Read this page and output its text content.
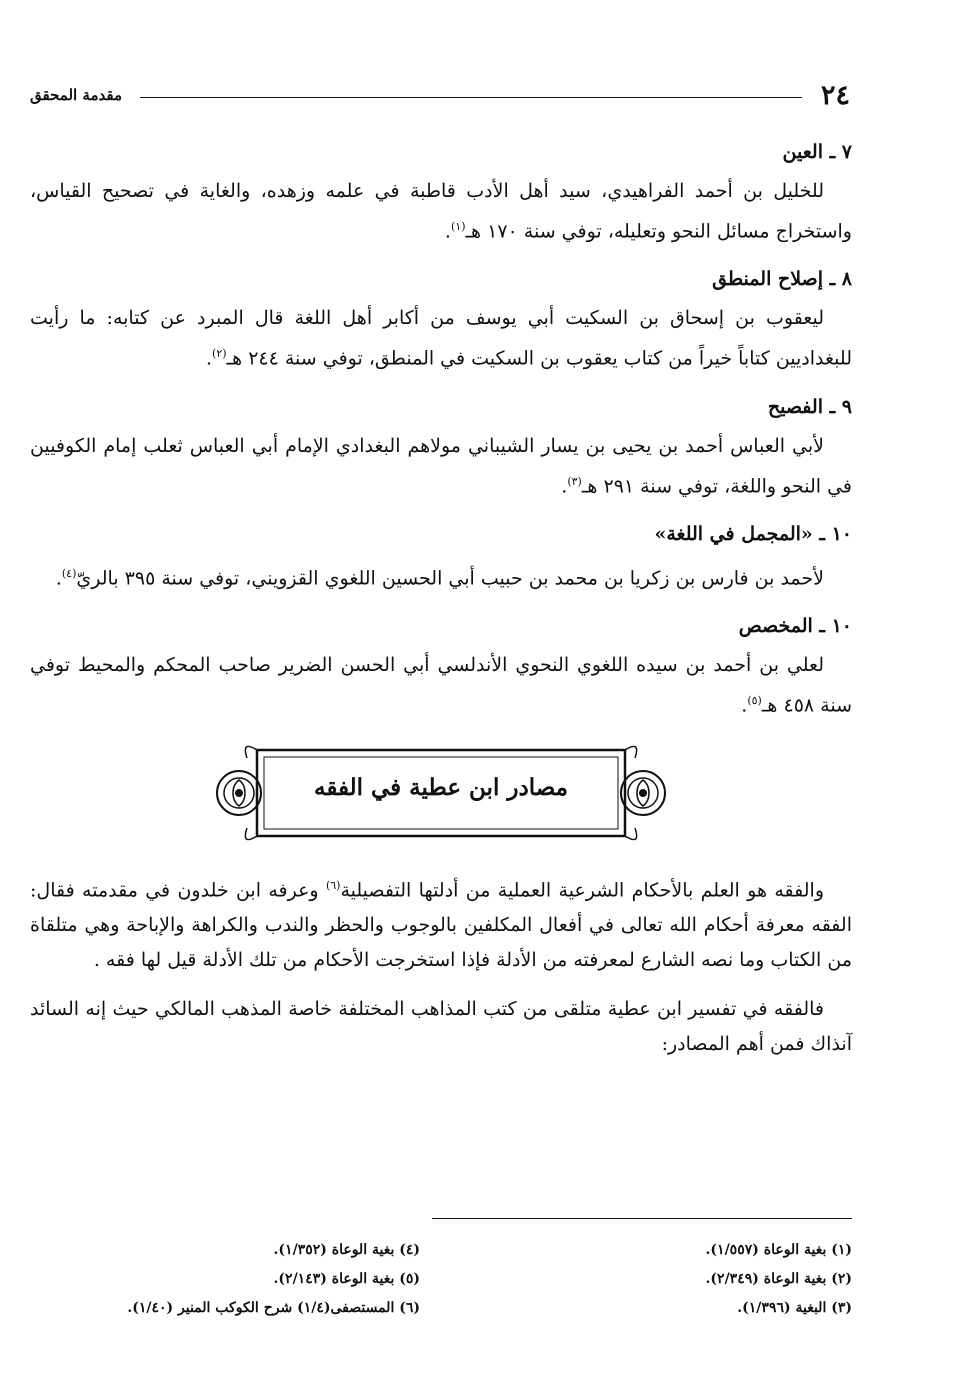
مقدمة المحقق	٢٤
٧ ـ العين

للخليل بن أحمد الفراهيدي، سيد أهل الأدب قاطبة في علمه وزهده، والغاية في تصحيح القياس، واستخراج مسائل النحو وتعليله، توفي سنة ١٧٠ هـ$^{(١)}$.

٨ ـ إصلاح المنطق

ليعقوب بن إسحاق بن السكيت أبي يوسف من أكابر أهل اللغة قال المبرد عن كتابه: ما رأيت للبغداديين كتاباً خيراً من كتاب يعقوب بن السكيت في المنطق، توفي سنة ٢٤٤ هـ$^{(٢)}$.

٩ ـ الفصيح

لأبي العباس أحمد بن يحيى بن يسار الشيباني مولاهم البغدادي الإمام أبي العباس ثعلب إمام الكوفيين في النحو واللغة، توفي سنة ٢٩١ هـ$^{(٣)}$.

١٠ ـ «المجمل في اللغة»

لأحمد بن فارس بن زكريا بن محمد بن حبيب أبي الحسين اللغوي القزويني، توفي سنة ٣٩٥ بالريّ$^{(٤)}$.

١٠ ـ المخصص

لعلي بن أحمد بن سيده اللغوي النحوي الأندلسي أبي الحسن الضرير صاحب المحكم والمحيط توفي سنة ٤٥٨ هـ$^{(٥)}$.

مصادر ابن عطية في الفقه

والفقه هو العلم بالأحكام الشرعية العملية من أدلتها التفصيلية$^{(٦)}$ وعرفه ابن خلدون في مقدمته فقال: الفقه معرفة أحكام الله تعالى في أفعال المكلفين بالوجوب والحظر والندب والكراهة والإباحة وهي متلقاة من الكتاب وما نصه الشارع لمعرفته من الأدلة فإذا استخرجت الأحكام من تلك الأدلة قيل لها فقه .

فالفقه في تفسير ابن عطية متلقى من كتب المذاهب المختلفة خاصة المذهب المالكي حيث إنه السائد آنذاك فمن أهم المصادر:

(١) بغية الوعاة (١/٥٥٧).
(٢) بغية الوعاة (٢/٣٤٩).
(٣) البغية (١/٣٩٦).
(٤) بغية الوعاة (١/٣٥٢).
(٥) بغية الوعاة (٢/١٤٣).
(٦) المستصفى(١/٤) شرح الكوكب المنير (١/٤٠).
